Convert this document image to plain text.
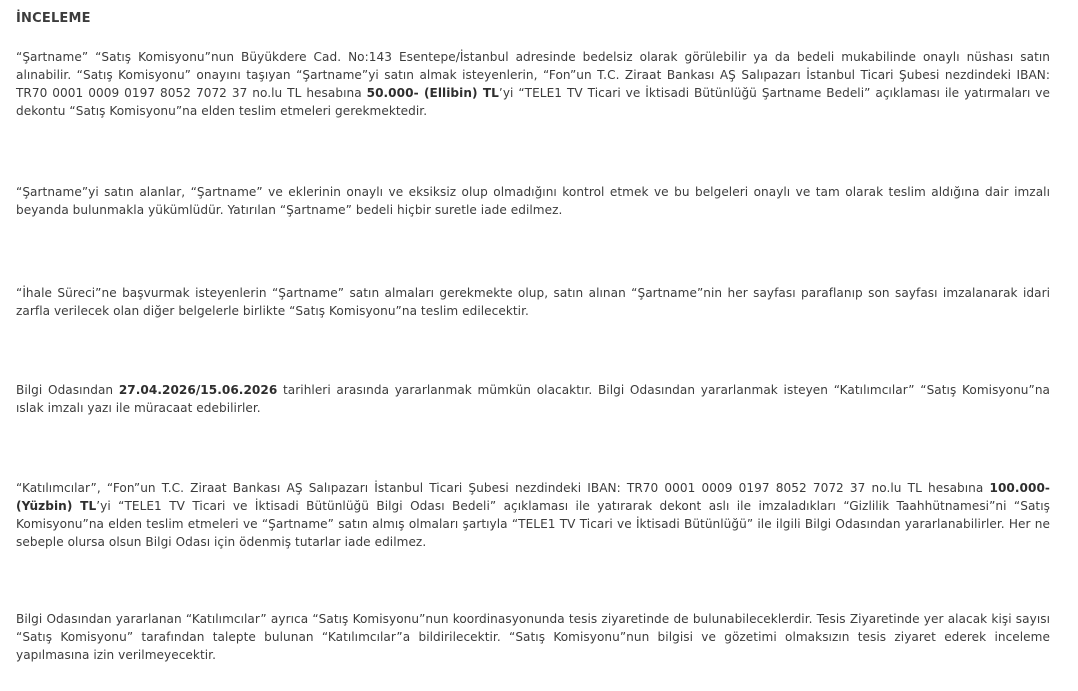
İNCELEME

“Şartname” “Satış Komisyonu”nun Büyükdere Cad. No:143 Esentepe/İstanbul adresinde bedelsiz olarak görülebilir ya da bedeli mukabilinde onaylı nüshası satın alınabilir. “Satış Komisyonu” onayını taşıyan “Şartname”yi satın almak isteyenlerin, “Fon”un T.C. Ziraat Bankası AŞ Salıpazarı İstanbul Ticari Şubesi nezdindeki IBAN: TR70 0001 0009 0197 8052 7072 37 no.lu TL hesabına 50.000- (Ellibin) TL’yi “TELE1 TV Ticari ve İktisadi Bütünlüğü Şartname Bedeli” açıklaması ile yatırmaları ve dekontu “Satış Komisyonu”na elden teslim etmeleri gerekmektedir.

“Şartname”yi satın alanlar, “Şartname” ve eklerinin onaylı ve eksiksiz olup olmadığını kontrol etmek ve bu belgeleri onaylı ve tam olarak teslim aldığına dair imzalı beyanda bulunmakla yükümlüdür. Yatırılan “Şartname” bedeli hiçbir suretle iade edilmez.

“İhale Süreci”ne başvurmak isteyenlerin “Şartname” satın almaları gerekmekte olup, satın alınan “Şartname”nin her sayfası paraflanıp son sayfası imzalanarak idari zarfla verilecek olan diğer belgelerle birlikte “Satış Komisyonu”na teslim edilecektir.

Bilgi Odasından 27.04.2026/15.06.2026 tarihleri arasında yararlanmak mümkün olacaktır. Bilgi Odasından yararlanmak isteyen “Katılımcılar” “Satış Komisyonu”na ıslak imzalı yazı ile müracaat edebilirler.

“Katılımcılar”, “Fon”un T.C. Ziraat Bankası AŞ Salıpazarı İstanbul Ticari Şubesi nezdindeki IBAN: TR70 0001 0009 0197 8052 7072 37 no.lu TL hesabına 100.000- (Yüzbin) TL’yi “TELE1 TV Ticari ve İktisadi Bütünlüğü Bilgi Odası Bedeli” açıklaması ile yatırarak dekont aslı ile imzaladıkları “Gizlilik Taahhütnamesi”ni “Satış Komisyonu”na elden teslim etmeleri ve “Şartname” satın almış olmaları şartıyla “TELE1 TV Ticari ve İktisadi Bütünlüğü” ile ilgili Bilgi Odasından yararlanabilirler. Her ne sebeple olursa olsun Bilgi Odası için ödenmiş tutarlar iade edilmez.

Bilgi Odasından yararlanan “Katılımcılar” ayrıca “Satış Komisyonu”nun koordinasyonunda tesis ziyaretinde de bulunabileceklerdir. Tesis Ziyaretinde yer alacak kişi sayısı “Satış Komisyonu” tarafından talepte bulunan “Katılımcılar”a bildirilecektir. “Satış Komisyonu”nun bilgisi ve gözetimi olmaksızın tesis ziyaret ederek inceleme yapılmasına izin verilmeyecektir.
